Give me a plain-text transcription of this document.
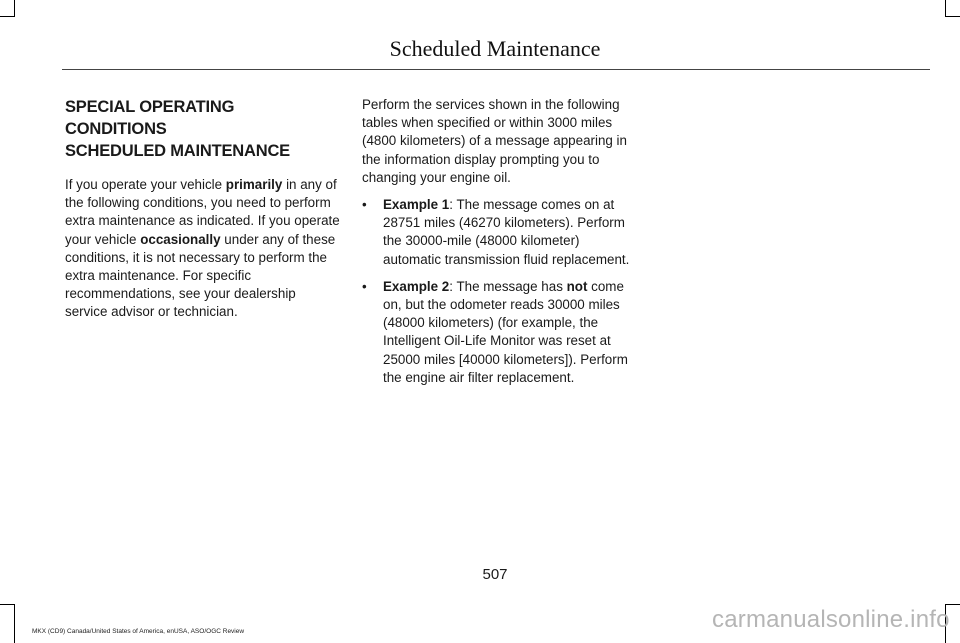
Scheduled Maintenance
SPECIAL OPERATING CONDITIONS
SCHEDULED MAINTENANCE

If you operate your vehicle primarily in any of the following conditions, you need to perform extra maintenance as indicated. If you operate your vehicle occasionally under any of these conditions, it is not necessary to perform the extra maintenance. For specific recommendations, see your dealership service advisor or technician.

Perform the services shown in the following tables when specified or within 3000 miles (4800 kilometers) of a message appearing in the information display prompting you to changing your engine oil.

• Example 1: The message comes on at 28751 miles (46270 kilometers). Perform the 30000-mile (48000 kilometer) automatic transmission fluid replacement.
• Example 2: The message has not come on, but the odometer reads 30000 miles (48000 kilometers) (for example, the Intelligent Oil-Life Monitor was reset at 25000 miles [40000 kilometers]). Perform the engine air filter replacement.
507
MKX (CD9) Canada/United States of America, enUSA, ASO/OGC Review	carmanualsonline.info
